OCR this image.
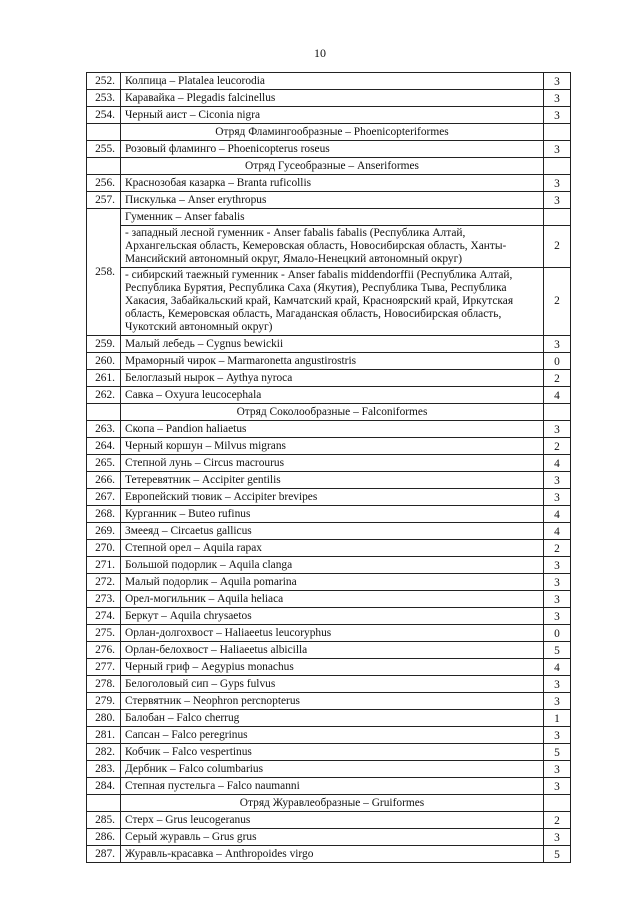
10
252.	Колпица – Platalea leucorodia	3
253.	Каравайка – Plegadis falcinellus	3
254.	Черный аист – Ciconia nigra	3
	Отряд Фламингообразные – Phoenicopteriformes	
255.	Розовый фламинго – Phoenicopterus roseus	3
	Отряд Гусеобразные – Anseriformes	
256.	Краснозобая казарка – Branta ruficollis	3
257.	Пискулька – Anser erythropus	3
258.	Гуменник – Anser fabalis	
	- западный лесной гуменник - Anser fabalis fabalis (Республика Алтай, Архангельская область, Кемеровская область, Новосибирская область, Ханты-Мансийский автономный округ, Ямало-Ненецкий автономный округ)	2
	- сибирский таежный гуменник - Anser fabalis middendorffii (Республика Алтай, Республика Бурятия, Республика Саха (Якутия), Республика Тыва, Республика Хакасия, Забайкальский край, Камчатский край, Красноярский край, Иркутская область, Кемеровская область, Магаданская область, Новосибирская область, Чукотский автономный округ)	2
259.	Малый лебедь – Cygnus bewickii	3
260.	Мраморный чирок – Marmaronetta angustirostris	0
261.	Белоглазый нырок – Aythya nyroca	2
262.	Савка – Oxyura leucocephala	4
	Отряд Соколообразные – Falconiformes	
263.	Скопа – Pandion haliaetus	3
264.	Черный коршун – Milvus migrans	2
265.	Степной лунь – Circus macrourus	4
266.	Тетеревятник – Accipiter gentilis	3
267.	Европейский тювик – Accipiter brevipes	3
268.	Курганник – Buteo rufinus	4
269.	Змееяд – Circaetus gallicus	4
270.	Степной орел – Aquila rapax	2
271.	Большой подорлик – Aquila clanga	3
272.	Малый подорлик – Aquila pomarina	3
273.	Орел-могильник – Aquila heliaca	3
274.	Беркут – Aquila chrysaetos	3
275.	Орлан-долгохвост – Haliaeetus leucoryphus	0
276.	Орлан-белохвост – Haliaeetus albicilla	5
277.	Черный гриф – Aegypius monachus	4
278.	Белоголовый сип – Gyps fulvus	3
279.	Стервятник – Neophron percnopterus	3
280.	Балобан – Falco cherrug	1
281.	Сапсан – Falco peregrinus	3
282.	Кобчик – Falco vespertinus	5
283.	Дербник – Falco columbarius	3
284.	Степная пустельга – Falco naumanni	3
	Отряд Журавлеобразные – Gruiformes	
285.	Стерх – Grus leucogeranus	2
286.	Серый журавль – Grus grus	3
287.	Журавль-красавка – Anthropoides virgo	5
